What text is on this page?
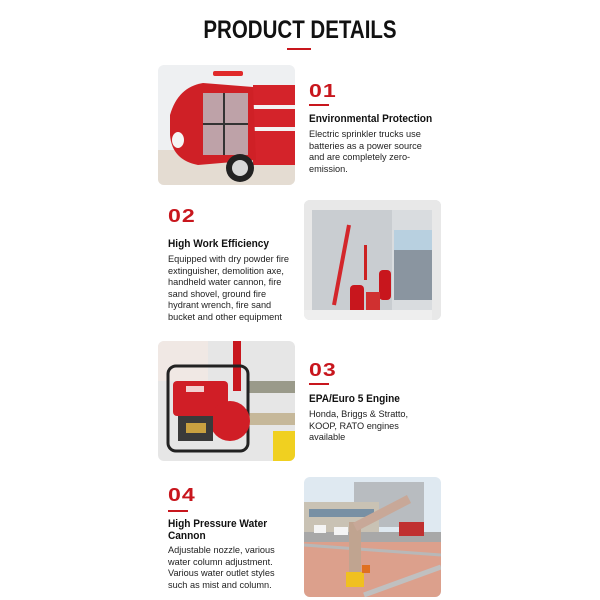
PRODUCT DETAILS
01
Environmental Protection
Electric sprinkler trucks use batteries as a power source and are completely zero-emission.
02
High Work Efficiency
Equipped with dry powder fire extinguisher, demolition axe, handheld water cannon, fire sand shovel, ground fire hydrant wrench, fire sand bucket and other equipment
03
EPA/Euro 5 Engine
Honda, Briggs & Stratto, KOOP, RATO engines available
04
High Pressure Water Cannon
Adjustable nozzle, various water column adjustment. Various water outlet styles such as mist and column.
